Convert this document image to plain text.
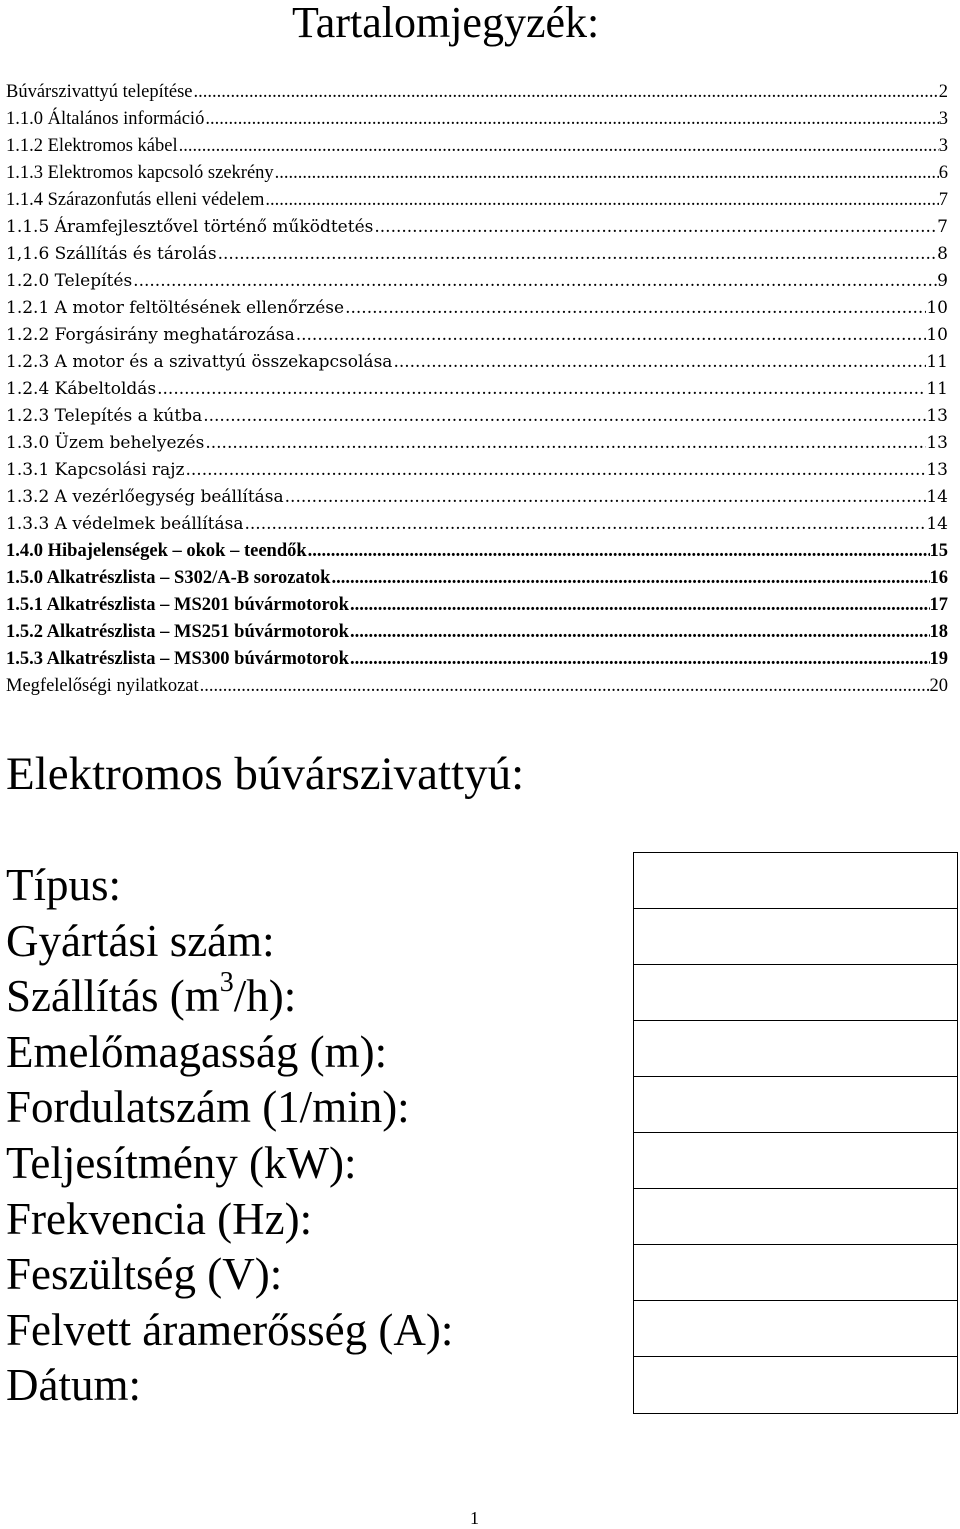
Tartalomjegyzék:
Búvárszivattyú telepítése .....	2
1.1.0 Általános információ .....	3
1.1.2 Elektromos kábel .....	3
1.1.3 Elektromos kapcsoló szekrény .....	6
1.1.4 Szárazonfutás elleni védelem .....	7
1.1.5 Áramfejlesztővel történő működtetés .....	7
1,1.6 Szállítás és tárolás .....	8
1.2.0 Telepítés .....	9
1.2.1 A motor feltöltésének ellenőrzése .....	10
1.2.2 Forgásirány meghatározása .....	10
1.2.3 A motor és a szivattyú összekapcsolása .....	11
1.2.4 Kábeltoldás .....	11
1.2.3 Telepítés a kútba .....	13
1.3.0 Üzem behelyezés .....	13
1.3.1 Kapcsolási rajz .....	13
1.3.2 A vezérlőegység beállítása .....	14
1.3.3 A védelmek beállítása .....	14
1.4.0 Hibajelenségek – okok – teendők .....	15
1.5.0 Alkatrészlista – S302/A-B sorozatok .....	16
1.5.1 Alkatrészlista – MS201 búvármotorok .....	17
1.5.2 Alkatrészlista – MS251 búvármotorok .....	18
1.5.3 Alkatrészlista – MS300 búvármotorok .....	19
Megfelelőségi nyilatkozat .....	20
Elektromos búvárszivattyú:
Típus:
Gyártási szám:
Szállítás $(m^3/h)$:
Emelőmagasság (m):
Fordulatszám (1/min):
Teljesítmény (kW):
Frekvencia (Hz):
Feszültség (V):
Felvett áramerősség (A):
Dátum:
1
